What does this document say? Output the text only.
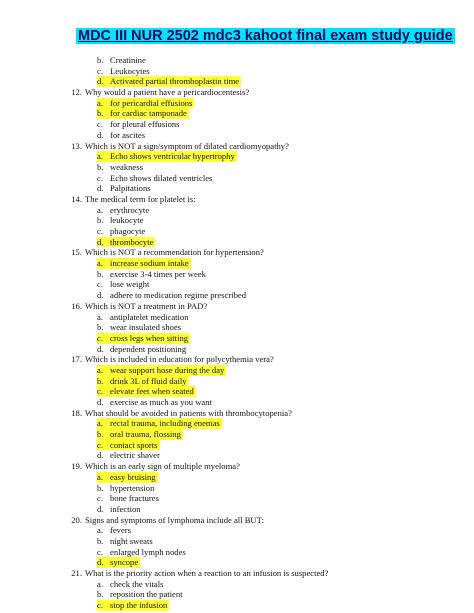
MDC III NUR 2502 mdc3 kahoot final exam study guide
b. Creatinine
c. Leukocytes
d. Activated partial thromboplastin time
12. Why would a patient have a pericardiocentesis?
a. for pericardial effusions
b. for cardiac tamponade
c. for pleural effusions
d. for ascites
13. Which is NOT a sign/symptom of dilated cardiomyopathy?
a. Echo shows ventricular hypertrophy
b. weakness
c. Echo shows dilated ventricles
d. Palpitations
14. The medical term for platelet is:
a. erythrocyte
b. leukocyte
c. phagocyte
d. thrombocyte
15. Which is NOT a recommendation for hypertension?
a. increase sodium intake
b. exercise 3-4 times per week
c. lose weight
d. adhere to medication regime prescribed
16. Which is NOT a treatment in PAD?
a. antiplatelet medication
b. wear insulated shoes
c. cross legs when sitting
d. dependent positioning
17. Which is included in education for polycythemia vera?
a. wear support hose during the day
b. drink 3L of fluid daily
c. elevate feet when seated
d. exercise as much as you want
18. What should be avoided in patients with thrombocytopenia?
a. rectal trauma, including enemas
b. oral trauma, flossing
c. contact sports
d. electric shaver
19. Which is an early sign of multiple myeloma?
a. easy bruising
b. hypertension
c. bone fractures
d. infection
20. Signs and symptoms of lymphoma include all BUT:
a. fevers
b. night sweats
c. enlarged lymph nodes
d. syncope
21. What is the priority action when a reaction to an infusion is suspected?
a. check the vitals
b. reposition the patient
c. stop the infusion
